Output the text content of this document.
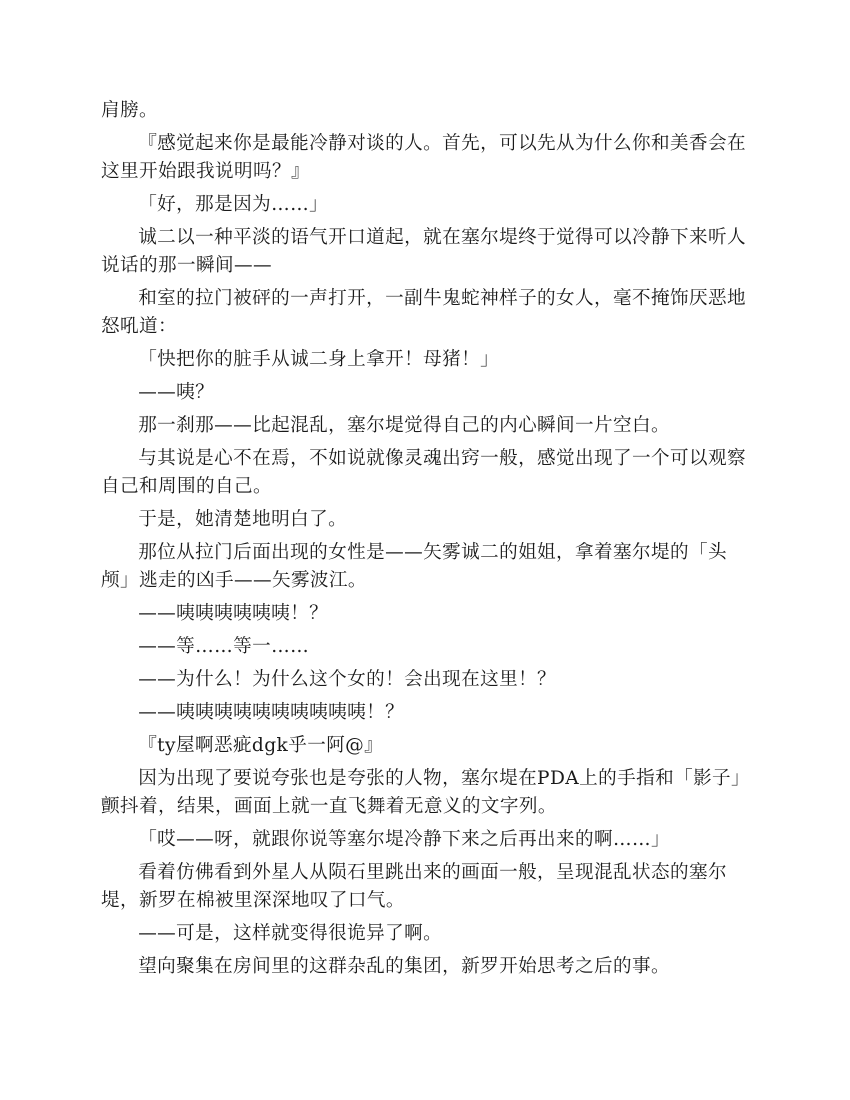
肩膀。

『感觉起来你是最能冷静对谈的人。首先，可以先从为什么你和美香会在这里开始跟我说明吗？』

「好，那是因为……」

诚二以一种平淡的语气开口道起，就在塞尔堤终于觉得可以冷静下来听人说话的那一瞬间——

和室的拉门被砰的一声打开，一副牛鬼蛇神样子的女人，毫不掩饰厌恶地怒吼道：

「快把你的脏手从诚二身上拿开！母猪！」

——咦？

那一刹那——比起混乱，塞尔堤觉得自己的内心瞬间一片空白。

与其说是心不在焉，不如说就像灵魂出窍一般，感觉出现了一个可以观察自己和周围的自己。

于是，她清楚地明白了。

那位从拉门后面出现的女性是——矢雾诚二的姐姐，拿着塞尔堤的「头颅」逃走的凶手——矢雾波江。

——咦咦咦咦咦咦！？

——等……等一……

——为什么！为什么这个女的！会出现在这里！？

——咦咦咦咦咦咦咦咦咦咦！？

『ty屋啊恶疵dgk乎一阿@』

因为出现了要说夸张也是夸张的人物，塞尔堤在PDA上的手指和「影子」颤抖着，结果，画面上就一直飞舞着无意义的文字列。

「哎——呀，就跟你说等塞尔堤冷静下来之后再出来的啊……」

看着仿佛看到外星人从陨石里跳出来的画面一般，呈现混乱状态的塞尔堤，新罗在棉被里深深地叹了口气。

——可是，这样就变得很诡异了啊。

望向聚集在房间里的这群杂乱的集团，新罗开始思考之后的事。
